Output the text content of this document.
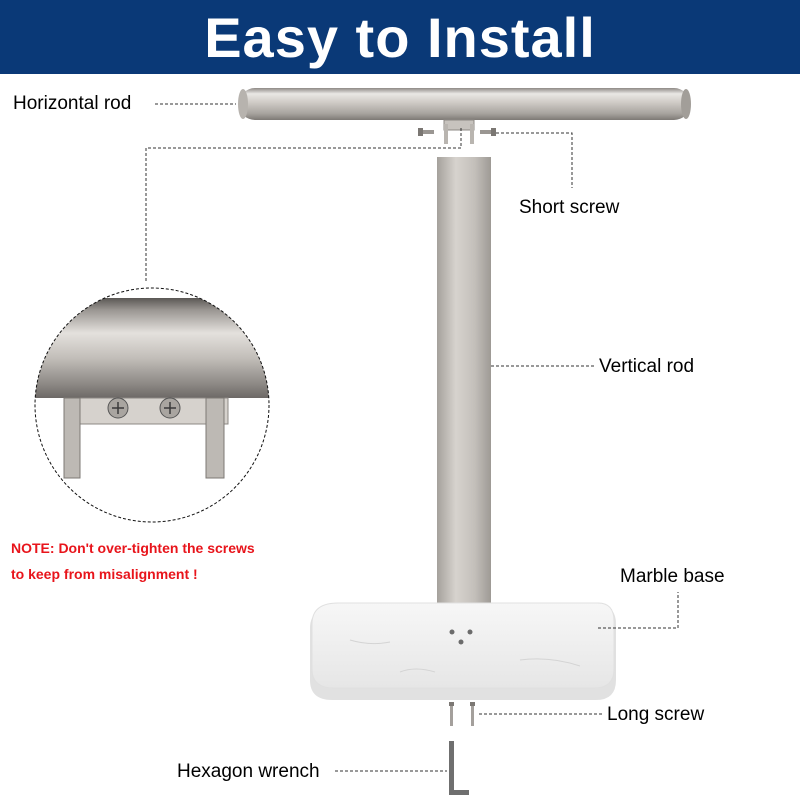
Easy to Install
Horizontal rod
Short screw
Vertical rod
Marble base
Long screw
Hexagon wrench
NOTE: Don't over-tighten the screws
to keep from misalignment !
